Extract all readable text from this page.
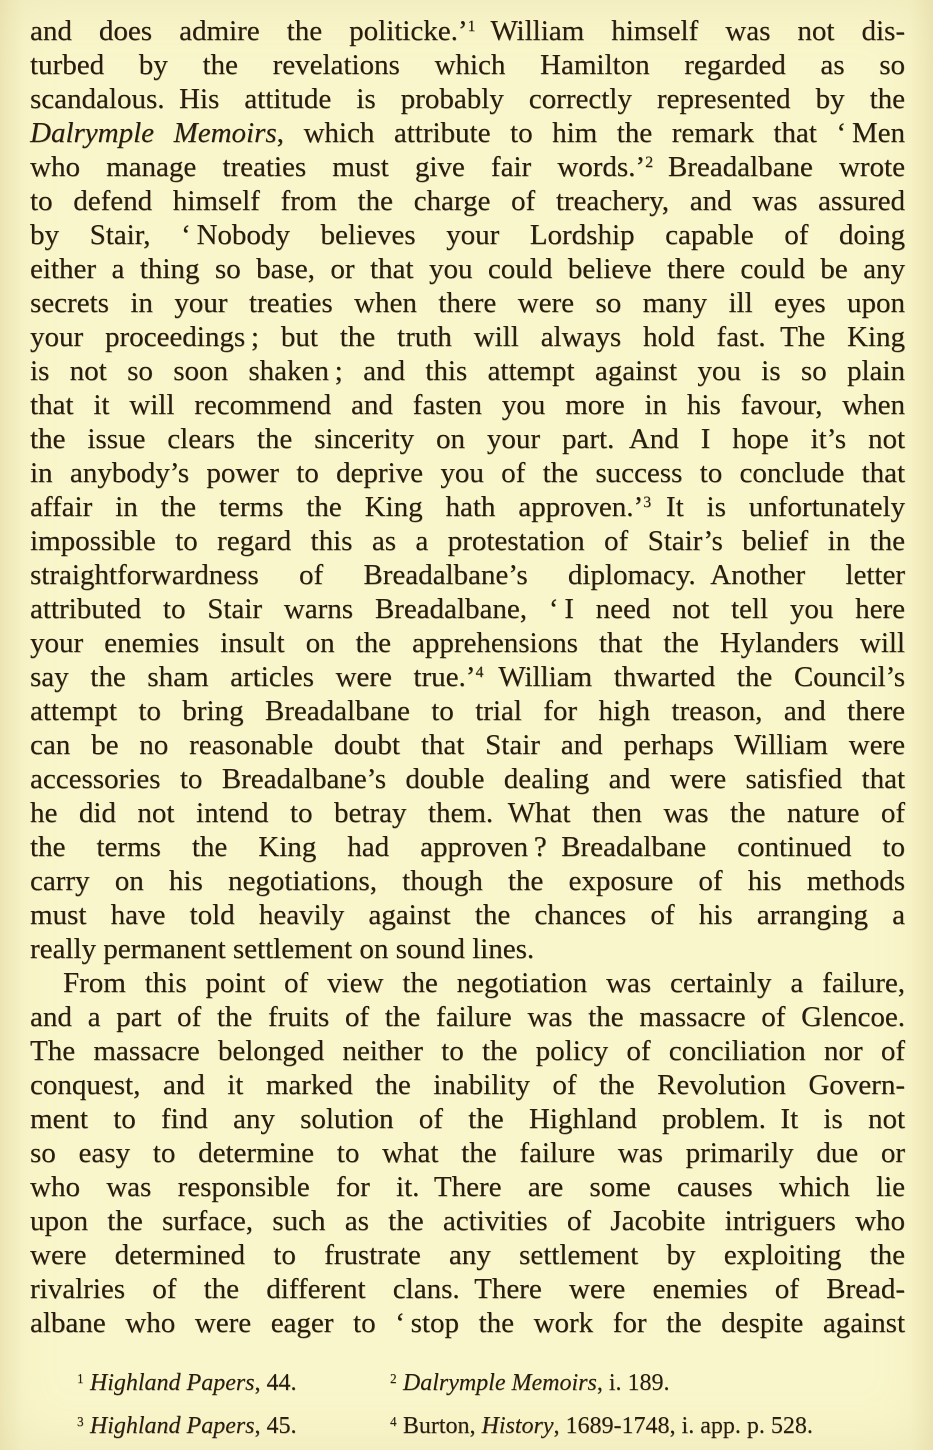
and does admire the politicke.’$^1$ William himself was not dis-
turbed by the revelations which Hamilton regarded as so
scandalous. His attitude is probably correctly represented by the
Dalrymple Memoirs, which attribute to him the remark that ‘ Men
who manage treaties must give fair words.’$^2$ Breadalbane wrote
to defend himself from the charge of treachery, and was assured
by Stair, ‘ Nobody believes your Lordship capable of doing
either a thing so base, or that you could believe there could be any
secrets in your treaties when there were so many ill eyes upon
your proceedings ; but the truth will always hold fast. The King
is not so soon shaken ; and this attempt against you is so plain
that it will recommend and fasten you more in his favour, when
the issue clears the sincerity on your part. And I hope it’s not
in anybody’s power to deprive you of the success to conclude that
affair in the terms the King hath approven.’$^3$ It is unfortunately
impossible to regard this as a protestation of Stair’s belief in the
straightforwardness of Breadalbane’s diplomacy. Another letter
attributed to Stair warns Breadalbane, ‘ I need not tell you here
your enemies insult on the apprehensions that the Hylanders will
say the sham articles were true.’$^4$ William thwarted the Council’s
attempt to bring Breadalbane to trial for high treason, and there
can be no reasonable doubt that Stair and perhaps William were
accessories to Breadalbane’s double dealing and were satisfied that
he did not intend to betray them. What then was the nature of
the terms the King had approven ? Breadalbane continued to
carry on his negotiations, though the exposure of his methods
must have told heavily against the chances of his arranging a
really permanent settlement on sound lines.
From this point of view the negotiation was certainly a failure,
and a part of the fruits of the failure was the massacre of Glencoe.
The massacre belonged neither to the policy of conciliation nor of
conquest, and it marked the inability of the Revolution Govern-
ment to find any solution of the Highland problem. It is not
so easy to determine to what the failure was primarily due or
who was responsible for it. There are some causes which lie
upon the surface, such as the activities of Jacobite intriguers who
were determined to frustrate any settlement by exploiting the
rivalries of the different clans. There were enemies of Bread-
albane who were eager to ‘ stop the work for the despite against
$^1$ Highland Papers, 44.	$^2$ Dalrymple Memoirs, i. 189.
$^3$ Highland Papers, 45.	$^4$ Burton, History, 1689-1748, i. app. p. 528.
